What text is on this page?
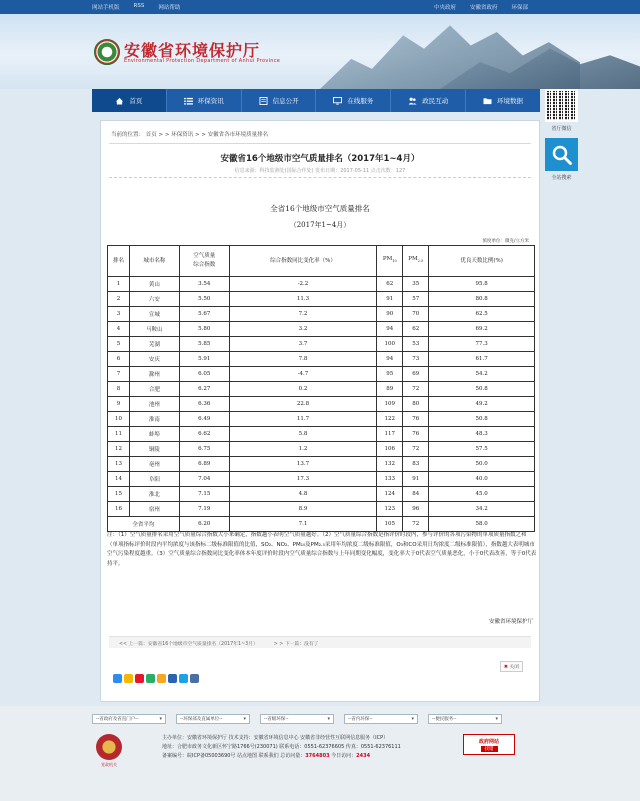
网站手机版	RSS	网站帮助	中央政府	安徽省政府	环保部
安徽省环境保护厅
Environmental Protection Department of Anhui Province
首页	环保资讯	信息公开	在线服务	政民互动	环境数据
省厅微信
全站搜索
当前的位置： 首页 > > 环保资讯 > > 安徽省各市环境质量排名
安徽省16个地级市空气质量排名（2017年1~4月）
信息来源：科技监测处(国际合作处) 发布日期：2017-05-11 点击次数：127
全省16个地级市空气质量排名
（2017年1~4月）
浓度单位：微克/立方米
排名	城市名称	空气质量
综合指数	综合指数同比变化率（%）	$PM_{10}$	$PM_{2.5}$	优良天数比例(%)
1	黄山	3.54	-2.2	62	35	95.8
2	六安	5.50	11.3	91	57	80.8
3	宣城	5.67	7.2	90	70	62.5
4	马鞍山	5.80	3.2	94	62	69.2
5	芜湖	5.85	3.7	100	53	77.3
6	安庆	5.91	7.8	94	73	61.7
7	滁州	6.05	-4.7	95	69	54.2
8	合肥	6.27	0.2	89	72	50.8
9	池州	6.36	22.8	109	80	49.2
10	淮南	6.49	11.7	122	76	50.8
11	蚌埠	6.62	5.8	117	76	48.3
12	铜陵	6.75	1.2	106	72	57.5
13	亳州	6.89	13.7	132	83	50.0
14	阜阳	7.04	17.3	133	91	40.0
15	淮北	7.15	4.8	124	84	45.0
16	宿州	7.19	8.9	123	96	34.2
全省平均		6.20	7.1	105	72	58.0
注：（1）空气质量排名采用空气质量综合指数大小来确定，指数越小表明空气质量越好。（2）空气质量综合指数是指评价时段内，参与评价的各项污染物的单项质量指数之和（单项指标评价时段内平均浓度与该指标二级标准限值的比值，SO₂、NO₂、PM₁₀及PM₂.₅采用年均浓度二级标准限值，O₃和CO采用日均浓度二级标准限值），指数越大表明城市空气污染程度越重。（3）空气质量综合指数同比变化率体本年度评价时段内空气质量综合指数与上年同期变化幅度，变化率大于0代表空气质量恶化，小于0代表改善，等于0代表持平。
安徽省环境保护厅
<< 上一篇：安徽省16个地级市空气质量排名（2017年1~3月）	> > 下一篇：没有了
✖ 关闭
--省政府及省直门户-- ▾	--环保部及直属单位-- ▾	--省级环保-- ▾	--省内环保-- ▾	--便民服务-- ▾
党政机关
主办单位：安徽省环境保护厅 技术支持：安徽省环境信息中心 安徽省非经营性互联网信息服务（ICP）
地址：合肥市政务文化新区怀宁路1766号(230071) 联系电话：0551-62376605 传真：0551-62376111
备案编号：皖ICP备05003690号 站点地图 联系我们 总访问量：3764803 今日访问：2434
政府网站
找错
